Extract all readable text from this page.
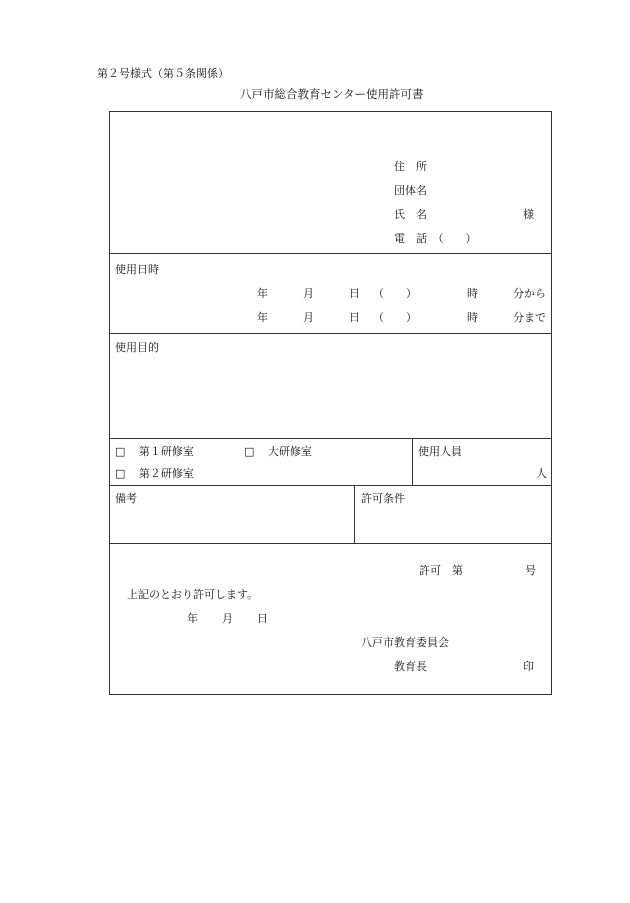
第２号様式（第５条関係）
八戸市総合教育センター使用許可書
住　所
団体名
氏　名	様
電　話　（　　）
使用日時
年	月	日 （　　）	時	分から
年	月	日 （　　）	時	分まで
使用目的
□ 第１研修室	□ 大研修室
□ 第２研修室
使用人員
人
備考	許可条件
許可　第	号
上記のとおり許可します。
年 月 日
八戸市教育委員会
教育長	印
